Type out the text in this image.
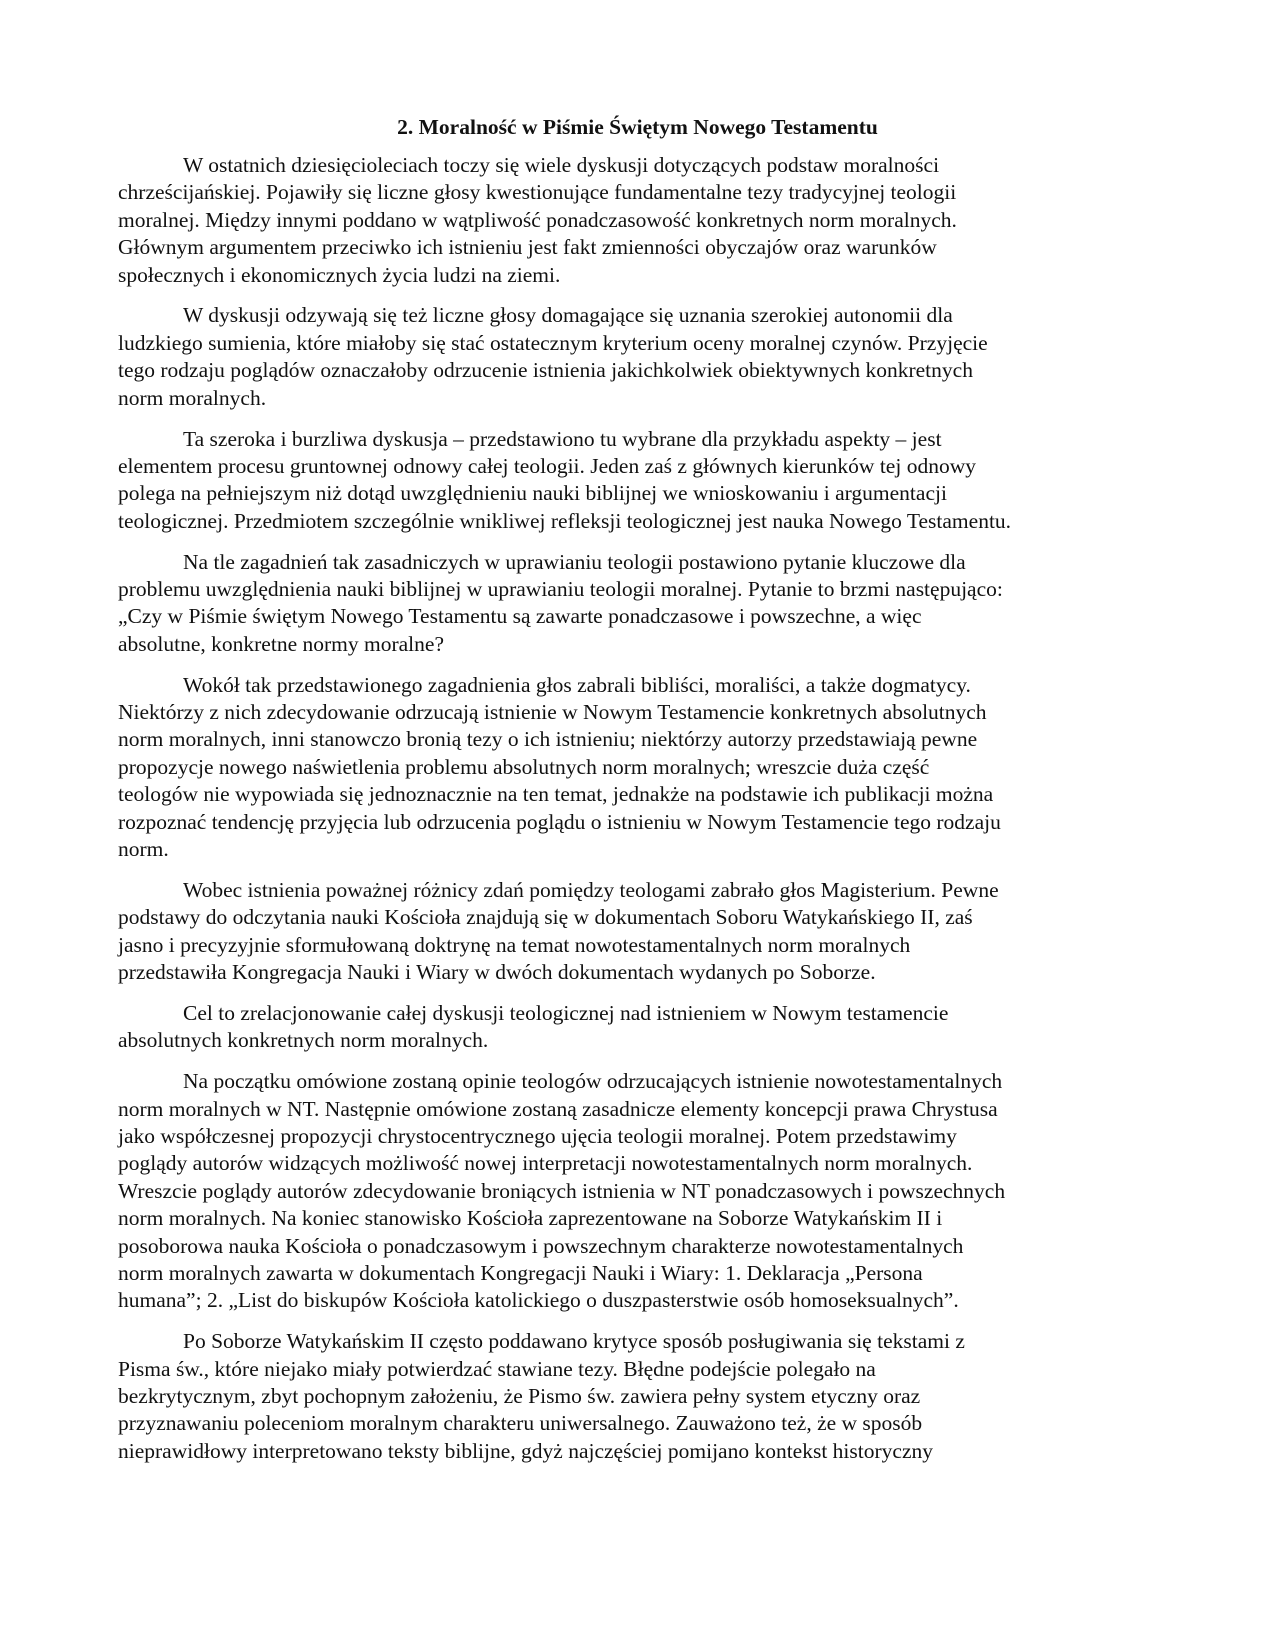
2. Moralność w Piśmie Świętym Nowego Testamentu

W ostatnich dziesięcioleciach toczy się wiele dyskusji dotyczących podstaw moralności
chrześcijańskiej. Pojawiły się liczne głosy kwestionujące fundamentalne tezy tradycyjnej teologii
moralnej. Między innymi poddano w wątpliwość ponadczasowość konkretnych norm moralnych.
Głównym argumentem przeciwko ich istnieniu jest fakt zmienności obyczajów oraz warunków
społecznych i ekonomicznych życia ludzi na ziemi.

W dyskusji odzywają się też liczne głosy domagające się uznania szerokiej autonomii dla
ludzkiego sumienia, które miałoby się stać ostatecznym kryterium oceny moralnej czynów. Przyjęcie
tego rodzaju poglądów oznaczałoby odrzucenie istnienia jakichkolwiek obiektywnych konkretnych
norm moralnych.

Ta szeroka i burzliwa dyskusja – przedstawiono tu wybrane dla przykładu aspekty – jest
elementem procesu gruntownej odnowy całej teologii. Jeden zaś z głównych kierunków tej odnowy
polega na pełniejszym niż dotąd uwzględnieniu nauki biblijnej we wnioskowaniu i argumentacji
teologicznej. Przedmiotem szczególnie wnikliwej refleksji teologicznej jest nauka Nowego Testamentu.

Na tle zagadnień tak zasadniczych w uprawianiu teologii postawiono pytanie kluczowe dla
problemu uwzględnienia nauki biblijnej w uprawianiu teologii moralnej. Pytanie to brzmi następująco:
„Czy w Piśmie świętym Nowego Testamentu są zawarte ponadczasowe i powszechne, a więc
absolutne, konkretne normy moralne?

Wokół tak przedstawionego zagadnienia głos zabrali bibliści, moraliści, a także dogmatycy.
Niektórzy z nich zdecydowanie odrzucają istnienie w Nowym Testamencie konkretnych absolutnych
norm moralnych, inni stanowczo bronią tezy o ich istnieniu; niektórzy autorzy przedstawiają pewne
propozycje nowego naświetlenia problemu absolutnych norm moralnych; wreszcie duża część
teologów nie wypowiada się jednoznacznie na ten temat, jednakże na podstawie ich publikacji można
rozpoznać tendencję przyjęcia lub odrzucenia poglądu o istnieniu w Nowym Testamencie tego rodzaju
norm.

Wobec istnienia poważnej różnicy zdań pomiędzy teologami zabrało głos Magisterium. Pewne
podstawy do odczytania nauki Kościoła znajdują się w dokumentach Soboru Watykańskiego II, zaś
jasno i precyzyjnie sformułowaną doktrynę na temat nowotestamentalnych norm moralnych
przedstawiła Kongregacja Nauki i Wiary w dwóch dokumentach wydanych po Soborze.

Cel to zrelacjonowanie całej dyskusji teologicznej nad istnieniem w Nowym testamencie
absolutnych konkretnych norm moralnych.

Na początku omówione zostaną opinie teologów odrzucających istnienie nowotestamentalnych
norm moralnych w NT. Następnie omówione zostaną zasadnicze elementy koncepcji prawa Chrystusa
jako współczesnej propozycji chrystocentrycznego ujęcia teologii moralnej. Potem przedstawimy
poglądy autorów widzących możliwość nowej interpretacji nowotestamentalnych norm moralnych.
Wreszcie poglądy autorów zdecydowanie broniących istnienia w NT ponadczasowych i powszechnych
norm moralnych. Na koniec stanowisko Kościoła zaprezentowane na Soborze Watykańskim II i
posoborowa nauka Kościoła o ponadczasowym i powszechnym charakterze nowotestamentalnych
norm moralnych zawarta w dokumentach Kongregacji Nauki i Wiary: 1. Deklaracja „Persona
humana”; 2. „List do biskupów Kościoła katolickiego o duszpasterstwie osób homoseksualnych”.

Po Soborze Watykańskim II często poddawano krytyce sposób posługiwania się tekstami z
Pisma św., które niejako miały potwierdzać stawiane tezy. Błędne podejście polegało na
bezkrytycznym, zbyt pochopnym założeniu, że Pismo św. zawiera pełny system etyczny oraz
przyznawaniu poleceniom moralnym charakteru uniwersalnego. Zauważono też, że w sposób
nieprawidłowy interpretowano teksty biblijne, gdyż najczęściej pomijano kontekst historyczny
